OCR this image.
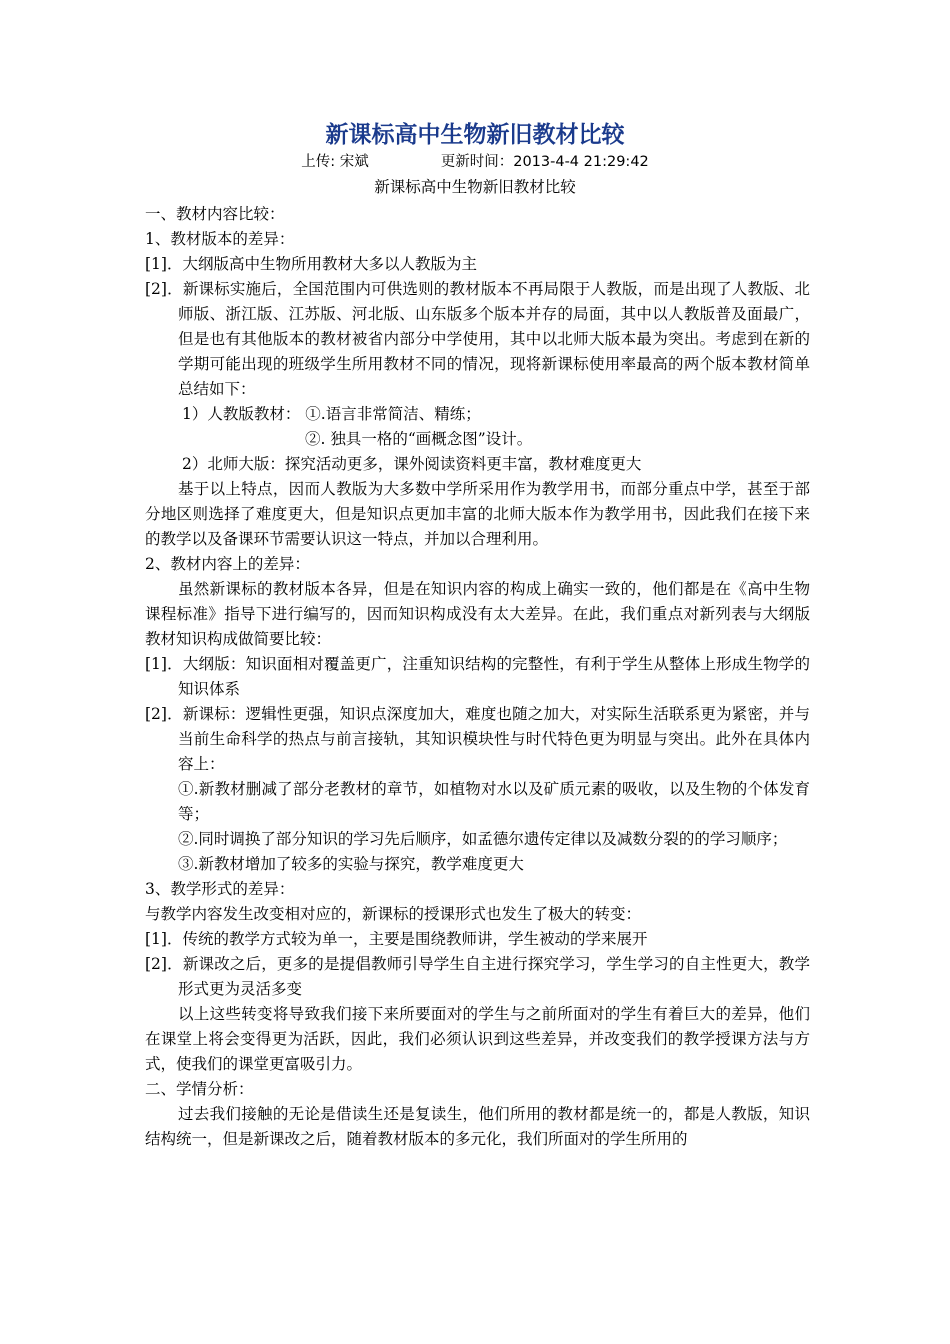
新课标高中生物新旧教材比较
上传: 宋斌	更新时间：2013-4-4 21:29:42
新课标高中生物新旧教材比较

一、教材内容比较：

1、教材版本的差异：

[1]．大纲版高中生物所用教材大多以人教版为主

[2]．新课标实施后，全国范围内可供选则的教材版本不再局限于人教版，而是出现了人教版、北师版、浙江版、江苏版、河北版、山东版多个版本并存的局面，其中以人教版普及面最广，但是也有其他版本的教材被省内部分中学使用，其中以北师大版本最为突出。考虑到在新的学期可能出现的班级学生所用教材不同的情况，现将新课标使用率最高的两个版本教材简单总结如下：

1）人教版教材： ①.语言非常简洁、精练；

②. 独具一格的“画概念图”设计。

2）北师大版：探究活动更多，课外阅读资料更丰富，教材难度更大

基于以上特点，因而人教版为大多数中学所采用作为教学用书，而部分重点中学，甚至于部分地区则选择了难度更大，但是知识点更加丰富的北师大版本作为教学用书，因此我们在接下来的教学以及备课环节需要认识这一特点，并加以合理利用。

2、教材内容上的差异：

虽然新课标的教材版本各异，但是在知识内容的构成上确实一致的，他们都是在《高中生物课程标准》指导下进行编写的，因而知识构成没有太大差异。在此，我们重点对新列表与大纲版教材知识构成做简要比较：

[1]．大纲版：知识面相对覆盖更广，注重知识结构的完整性，有利于学生从整体上形成生物学的知识体系

[2]．新课标：逻辑性更强，知识点深度加大，难度也随之加大，对实际生活联系更为紧密，并与当前生命科学的热点与前言接轨，其知识模块性与时代特色更为明显与突出。此外在具体内容上：

①.新教材删减了部分老教材的章节，如植物对水以及矿质元素的吸收，以及生物的个体发育等；

②.同时调换了部分知识的学习先后顺序，如孟德尔遗传定律以及减数分裂的的学习顺序；

③.新教材增加了较多的实验与探究，教学难度更大

3、教学形式的差异：

与教学内容发生改变相对应的，新课标的授课形式也发生了极大的转变：

[1]．传统的教学方式较为单一，主要是围绕教师讲，学生被动的学来展开

[2]．新课改之后，更多的是提倡教师引导学生自主进行探究学习，学生学习的自主性更大，教学形式更为灵活多变

以上这些转变将导致我们接下来所要面对的学生与之前所面对的学生有着巨大的差异，他们在课堂上将会变得更为活跃，因此，我们必须认识到这些差异，并改变我们的教学授课方法与方式，使我们的课堂更富吸引力。

二、学情分析：

过去我们接触的无论是借读生还是复读生，他们所用的教材都是统一的，都是人教版，知识结构统一，但是新课改之后，随着教材版本的多元化，我们所面对的学生所用的
